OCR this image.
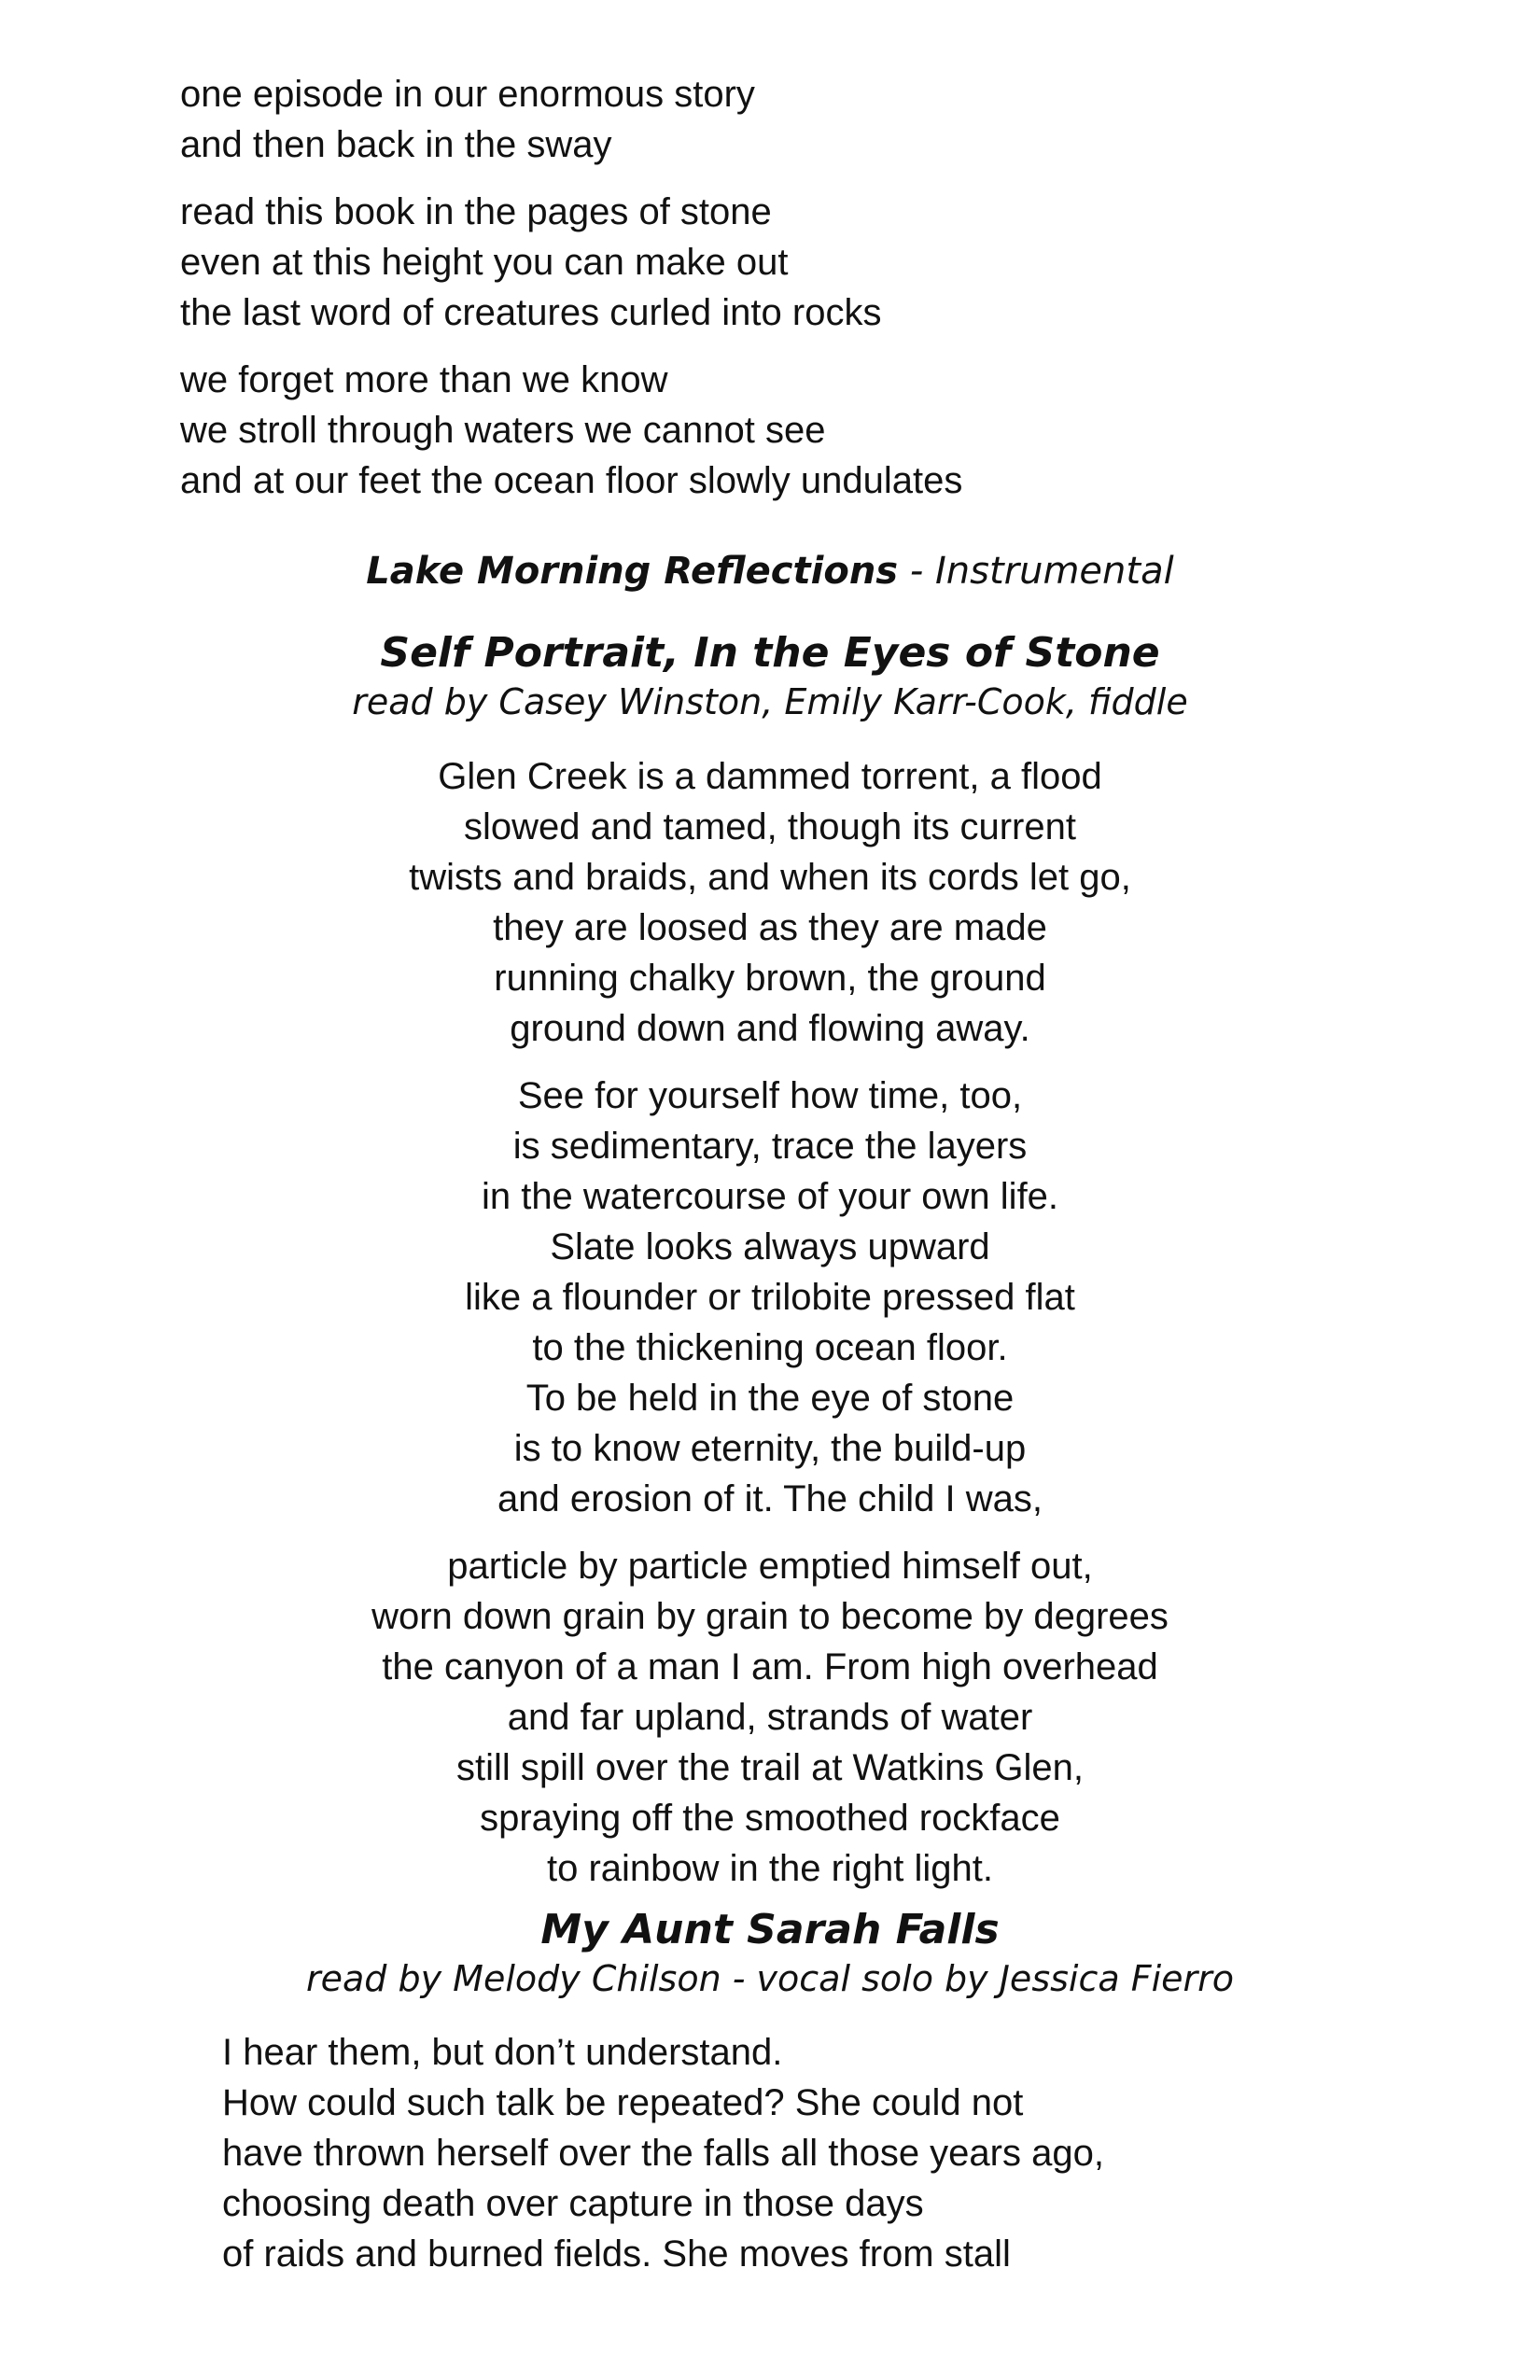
one episode in our enormous story
and then back in the sway
read this book in the pages of stone
even at this height you can make out
the last word of creatures curled into rocks
we forget more than we know
we stroll through waters we cannot see
and at our feet the ocean floor slowly undulates
Lake Morning Reflections - Instrumental
Self Portrait, In the Eyes of Stone
read by Casey Winston, Emily Karr-Cook, fiddle
Glen Creek is a dammed torrent, a flood
slowed and tamed, though its current
twists and braids, and when its cords let go,
they are loosed as they are made
running chalky brown, the ground
ground down and flowing away.
See for yourself how time, too,
is sedimentary, trace the layers
in the watercourse of your own life.
Slate looks always upward
like a flounder or trilobite pressed flat
to the thickening ocean floor.
To be held in the eye of stone
is to know eternity, the build-up
and erosion of it. The child I was,
particle by particle emptied himself out,
worn down grain by grain to become by degrees
the canyon of a man I am. From high overhead
and far upland, strands of water
still spill over the trail at Watkins Glen,
spraying off the smoothed rockface
to rainbow in the right light.
My Aunt Sarah Falls
read by Melody Chilson - vocal solo by Jessica Fierro
I hear them, but don’t understand.
How could such talk be repeated? She could not
have thrown herself over the falls all those years ago,
choosing death over capture in those days
of raids and burned fields. She moves from stall
